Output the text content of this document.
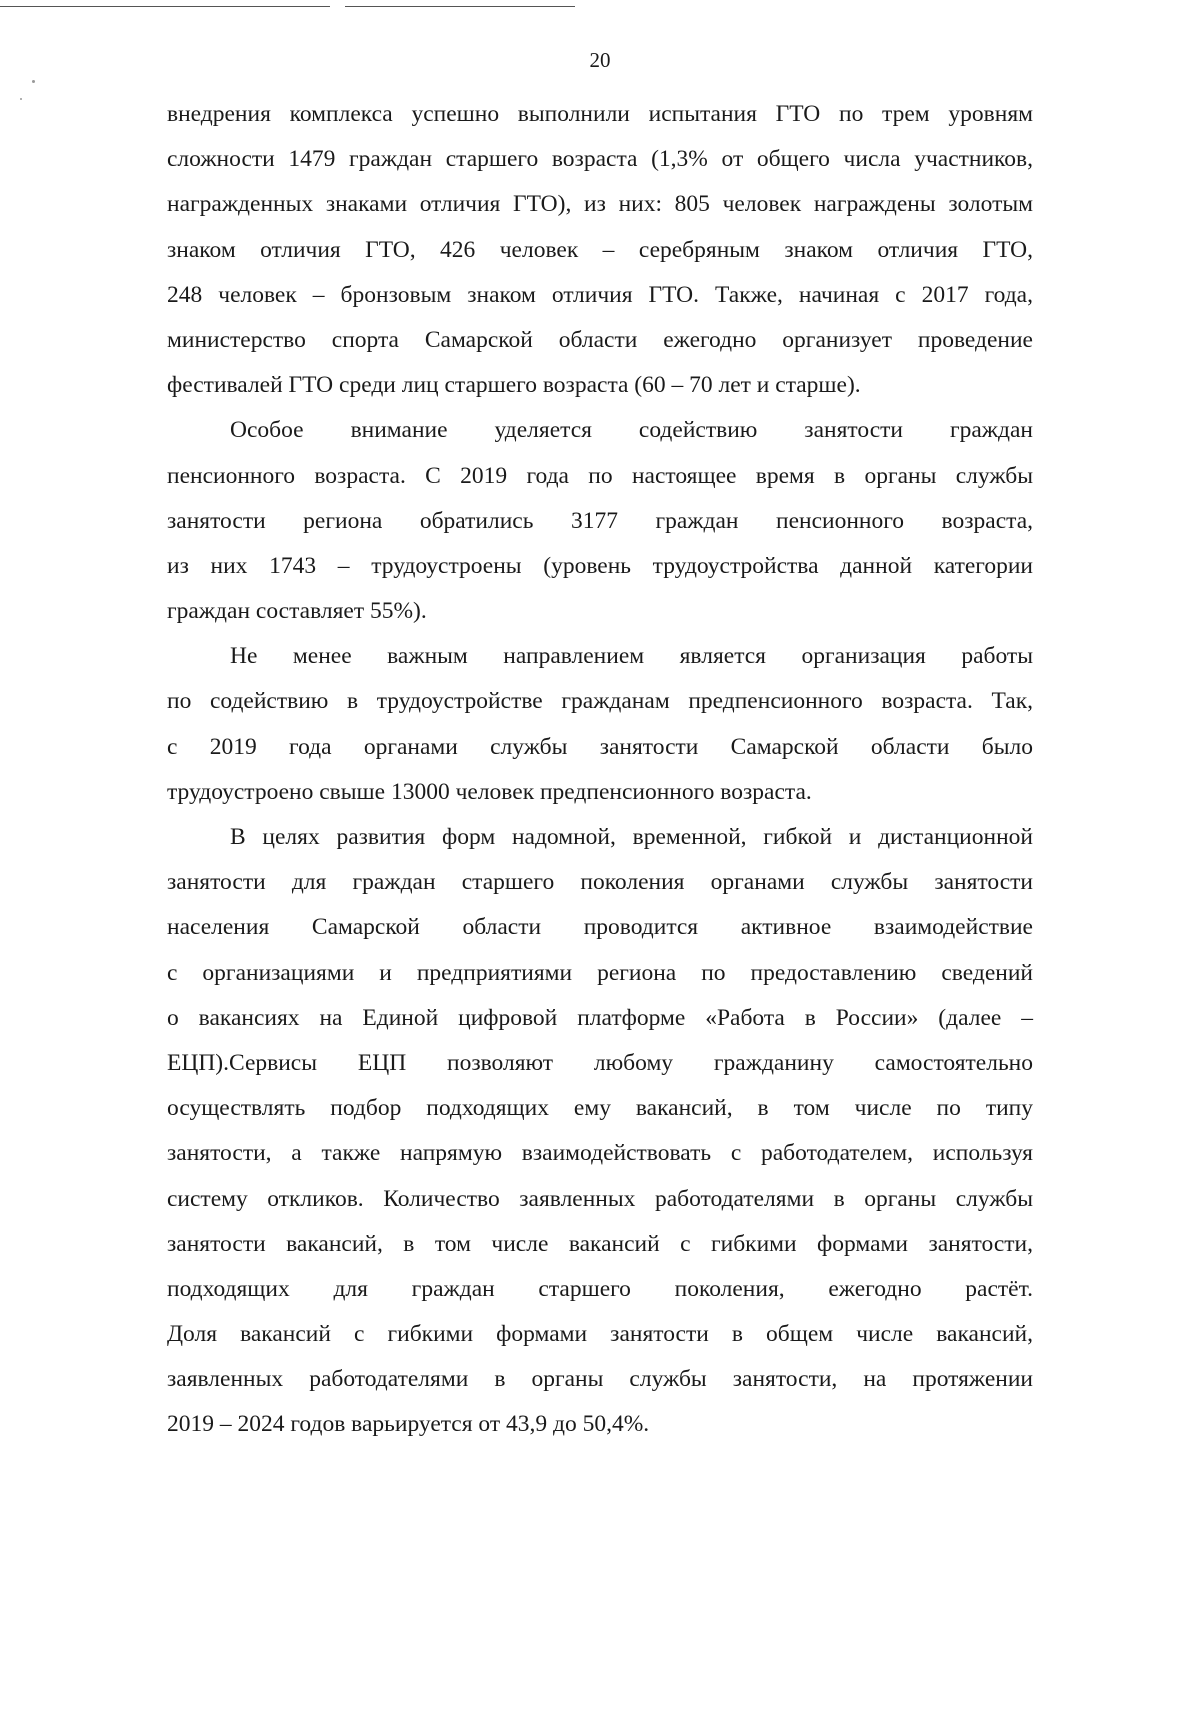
20
внедрения комплекса успешно выполнили испытания ГТО по трем уровням
сложности 1479 граждан старшего возраста (1,3% от общего числа участников,
награжденных знаками отличия ГТО), из них: 805 человек награждены золотым
знаком отличия ГТО, 426 человек – серебряным знаком отличия ГТО,
248 человек – бронзовым знаком отличия ГТО. Также, начиная с 2017 года,
министерство спорта Самарской области ежегодно организует проведение
фестивалей ГТО среди лиц старшего возраста (60 – 70 лет и старше).
Особое внимание уделяется содействию занятости граждан
пенсионного возраста. С 2019 года по настоящее время в органы службы
занятости региона обратились 3177 граждан пенсионного возраста,
из них 1743 – трудоустроены (уровень трудоустройства данной категории
граждан составляет 55%).
Не менее важным направлением является организация работы
по содействию в трудоустройстве гражданам предпенсионного возраста. Так,
с 2019 года органами службы занятости Самарской области было
трудоустроено свыше 13000 человек предпенсионного возраста.
В целях развития форм надомной, временной, гибкой и дистанционной
занятости для граждан старшего поколения органами службы занятости
населения Самарской области проводится активное взаимодействие
с организациями и предприятиями региона по предоставлению сведений
о вакансиях на Единой цифровой платформе «Работа в России» (далее –
ЕЦП).Сервисы ЕЦП позволяют любому гражданину самостоятельно
осуществлять подбор подходящих ему вакансий, в том числе по типу
занятости, а также напрямую взаимодействовать с работодателем, используя
систему откликов. Количество заявленных работодателями в органы службы
занятости вакансий, в том числе вакансий с гибкими формами занятости,
подходящих для граждан старшего поколения, ежегодно растёт.
Доля вакансий с гибкими формами занятости в общем числе вакансий,
заявленных работодателями в органы службы занятости, на протяжении
2019 – 2024 годов варьируется от 43,9 до 50,4%.
